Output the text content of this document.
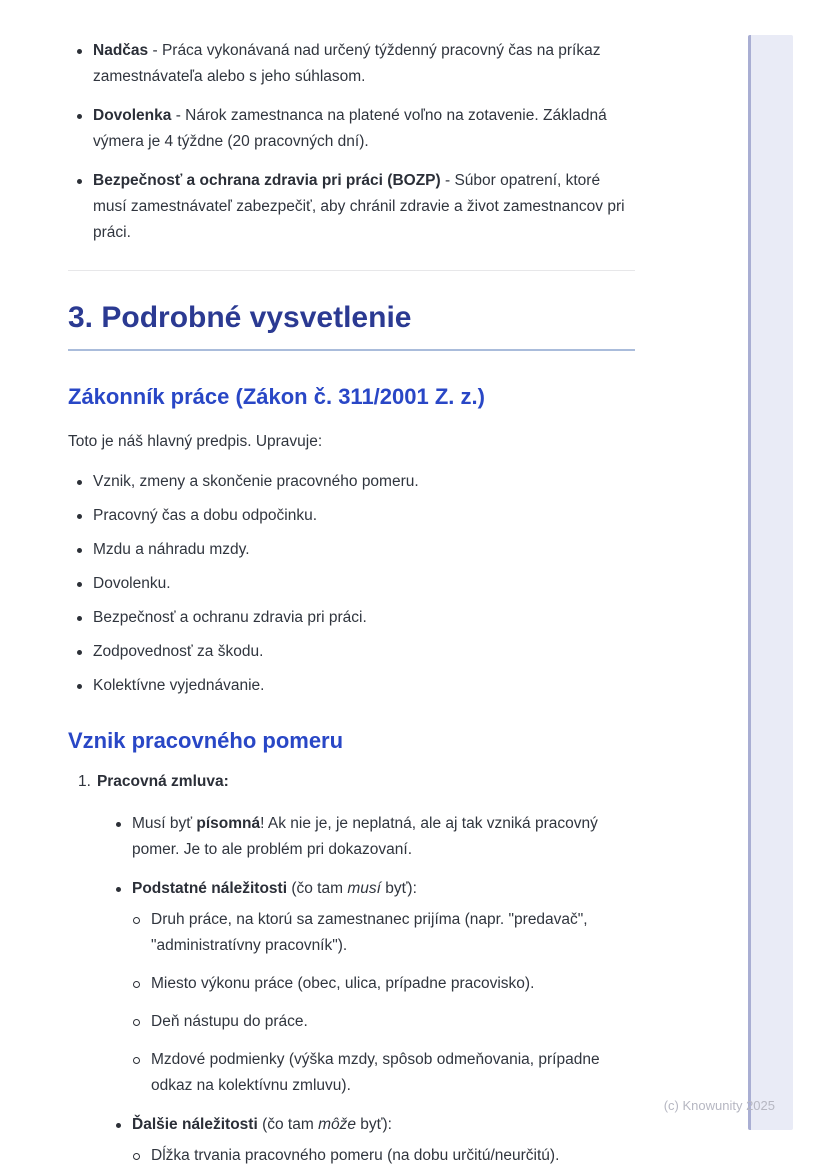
Nadčas - Práca vykonávaná nad určený týždenný pracovný čas na príkaz zamestnávateľa alebo s jeho súhlasom.
Dovolenka - Nárok zamestnanca na platené voľno na zotavenie. Základná výmera je 4 týždne (20 pracovných dní).
Bezpečnosť a ochrana zdravia pri práci (BOZP) - Súbor opatrení, ktoré musí zamestnávateľ zabezpečiť, aby chránil zdravie a život zamestnancov pri práci.
3. Podrobné vysvetlenie
Zákonník práce (Zákon č. 311/2001 Z. z.)

Toto je náš hlavný predpis. Upravuje:

Vznik, zmeny a skončenie pracovného pomeru.
Pracovný čas a dobu odpočinku.
Mzdu a náhradu mzdy.
Dovolenku.
Bezpečnosť a ochranu zdravia pri práci.
Zodpovednosť za škodu.
Kolektívne vyjednávanie.
Vznik pracovného pomeru
1. Pracovná zmluva:
Musí byť písomná! Ak nie je, je neplatná, ale aj tak vzniká pracovný pomer. Je to ale problém pri dokazovaní.
Podstatné náležitosti (čo tam musí byť):
Druh práce, na ktorú sa zamestnanec prijíma (napr. "predavač", "administratívny pracovník").
Miesto výkonu práce (obec, ulica, prípadne pracovisko).
Deň nástupu do práce.
Mzdové podmienky (výška mzdy, spôsob odmeňovania, prípadne odkaz na kolektívnu zmluvu).
Ďalšie náležitosti (čo tam môže byť):
Dĺžka trvania pracovného pomeru (na dobu určitú/neurčitú).
(c) Knowunity 2025
